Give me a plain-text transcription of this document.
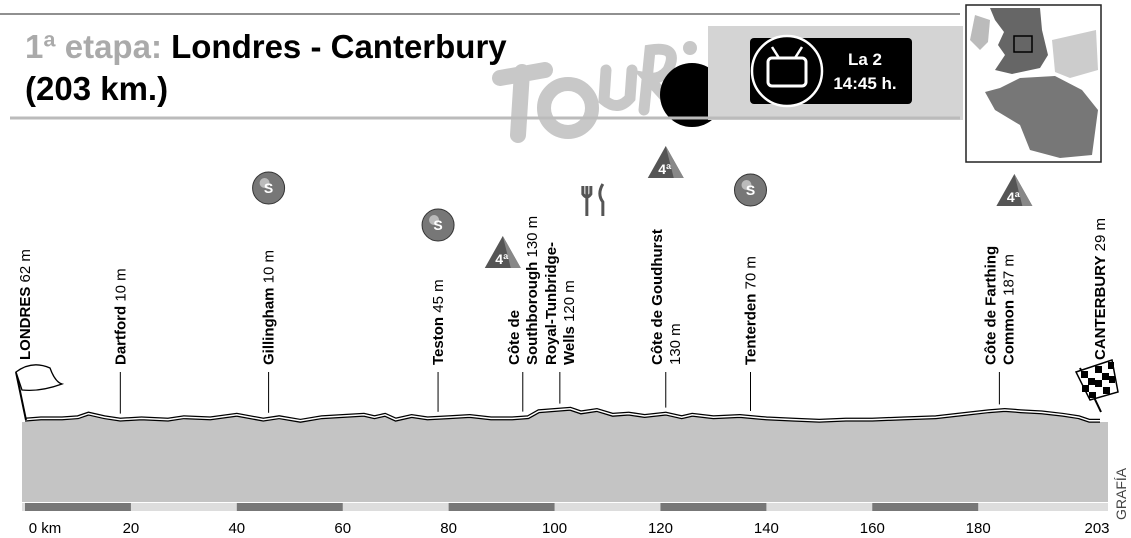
1ª etapa: Londres - Canterbury
(203 km.)
La 2
14:45 h.
LONDRES 62 m
Dartford 10 m
Gillingham 10 m
S
Teston 45 m
S
Côte de Southborough 130 m
4ª Royal-Tunbridge- Wells 120 m	Côte de Goudhurst 130 m
4ª
Tenterden 70 m
S
Côte de Farthing Common 187 m
4ª
CANTERBURY 29 m
0 km	20	40	60	80	100	120	140	160	180	203
GRAFÍA
